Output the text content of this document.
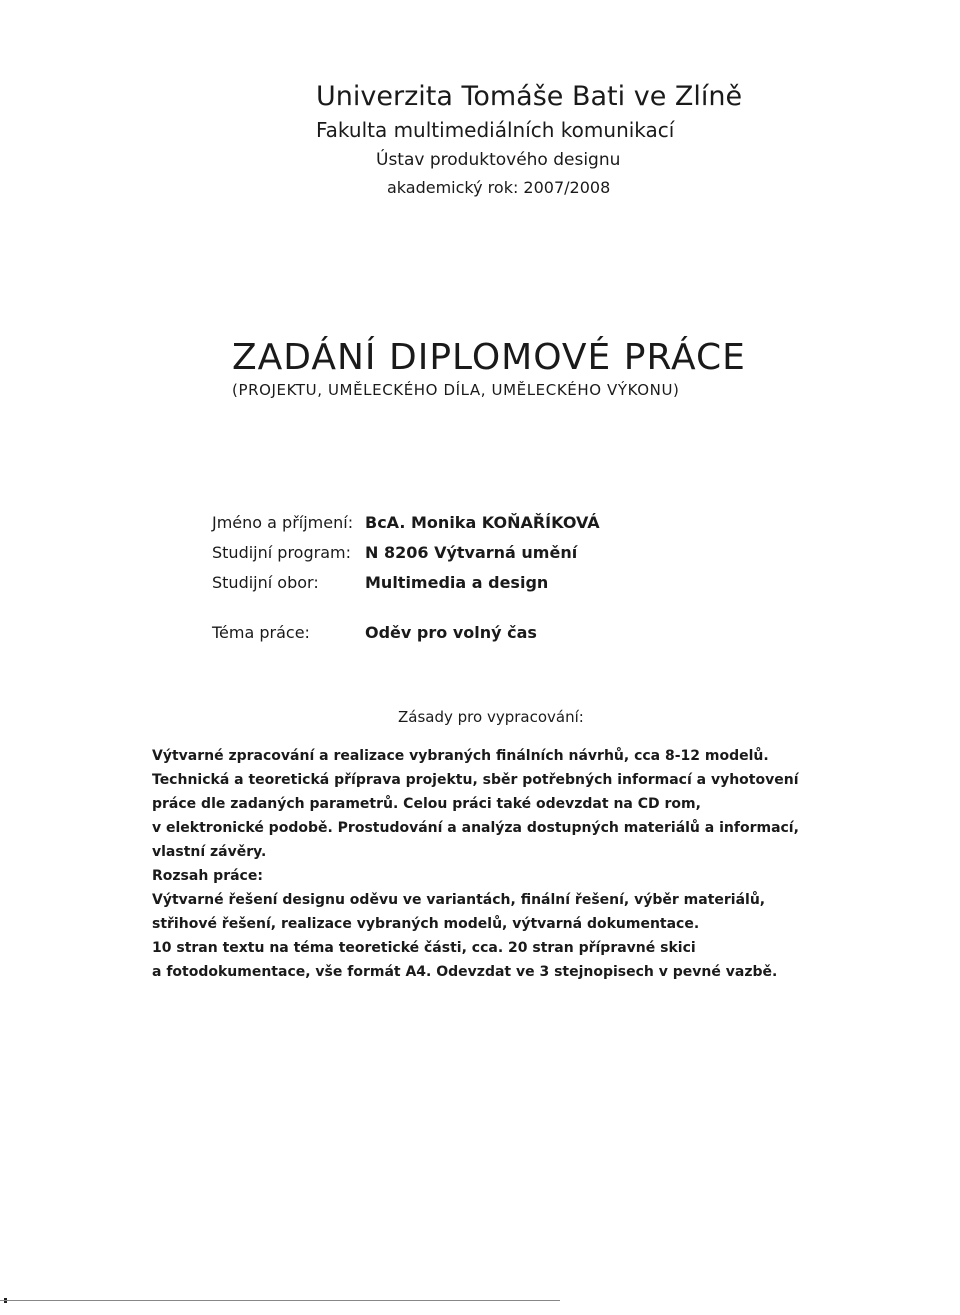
Univerzita Tomáše Bati ve Zlíně
Fakulta multimediálních komunikací
Ústav produktového designu
akademický rok: 2007/2008
ZADÁNÍ DIPLOMOVÉ PRÁCE
(PROJEKTU, UMĚLECKÉHO DÍLA, UMĚLECKÉHO VÝKONU)
Jméno a příjmení: BcA. Monika KOŇAŘÍKOVÁ
Studijní program: N 8206 Výtvarná umění
Studijní obor:	Multimedia a design
Téma práce:	Oděv pro volný čas
Zásady pro vypracování:
Výtvarné zpracování a realizace vybraných finálních návrhů, cca 8-12 modelů.
Technická a teoretická příprava projektu, sběr potřebných informací a vyhotovení
práce dle zadaných parametrů. Celou práci také odevzdat na CD rom,
v elektronické podobě. Prostudování a analýza dostupných materiálů a informací,
vlastní závěry.
Rozsah práce:
Výtvarné řešení designu oděvu ve variantách, finální řešení, výběr materiálů,
střihové řešení, realizace vybraných modelů, výtvarná dokumentace.
10 stran textu na téma teoretické části, cca. 20 stran přípravné skici
a fotodokumentace, vše formát A4. Odevzdat ve 3 stejnopisech v pevné vazbě.
